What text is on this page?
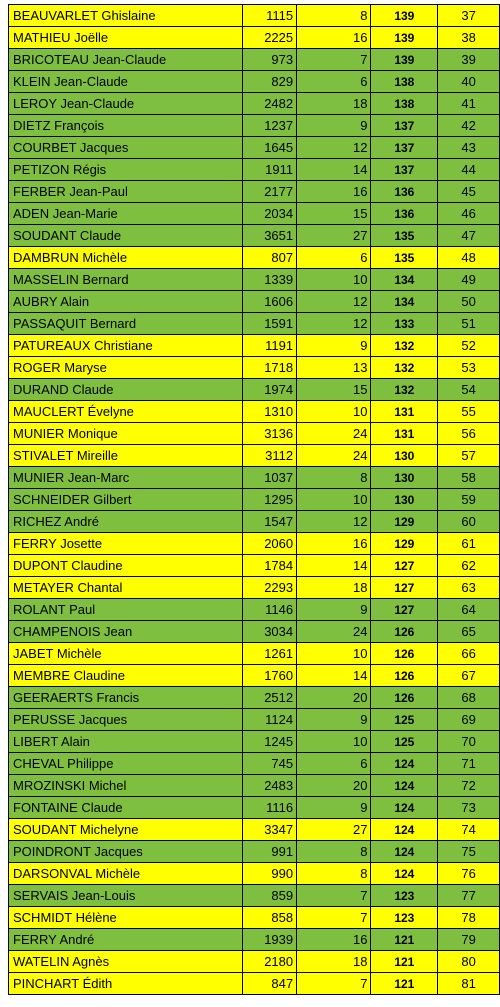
BEAUVARLET Ghislaine	1115	8	139	37
MATHIEU Joëlle	2225	16	139	38
BRICOTEAU Jean-Claude	973	7	139	39
KLEIN Jean-Claude	829	6	138	40
LEROY Jean-Claude	2482	18	138	41
DIETZ François	1237	9	137	42
COURBET Jacques	1645	12	137	43
PETIZON Régis	1911	14	137	44
FERBER Jean-Paul	2177	16	136	45
ADEN Jean-Marie	2034	15	136	46
SOUDANT Claude	3651	27	135	47
DAMBRUN Michèle	807	6	135	48
MASSELIN Bernard	1339	10	134	49
AUBRY Alain	1606	12	134	50
PASSAQUIT Bernard	1591	12	133	51
PATUREAUX Christiane	1191	9	132	52
ROGER Maryse	1718	13	132	53
DURAND Claude	1974	15	132	54
MAUCLERT Évelyne	1310	10	131	55
MUNIER Monique	3136	24	131	56
STIVALET Mireille	3112	24	130	57
MUNIER Jean-Marc	1037	8	130	58
SCHNEIDER Gilbert	1295	10	130	59
RICHEZ André	1547	12	129	60
FERRY Josette	2060	16	129	61
DUPONT Claudine	1784	14	127	62
METAYER Chantal	2293	18	127	63
ROLANT Paul	1146	9	127	64
CHAMPENOIS Jean	3034	24	126	65
JABET Michèle	1261	10	126	66
MEMBRE Claudine	1760	14	126	67
GEERAERTS Francis	2512	20	126	68
PERUSSE Jacques	1124	9	125	69
LIBERT Alain	1245	10	125	70
CHEVAL Philippe	745	6	124	71
MROZINSKI Michel	2483	20	124	72
FONTAINE Claude	1116	9	124	73
SOUDANT Michelyne	3347	27	124	74
POINDRONT Jacques	991	8	124	75
DARSONVAL Michèle	990	8	124	76
SERVAIS Jean-Louis	859	7	123	77
SCHMIDT Hélène	858	7	123	78
FERRY André	1939	16	121	79
WATELIN Agnès	2180	18	121	80
PINCHART Édith	847	7	121	81
